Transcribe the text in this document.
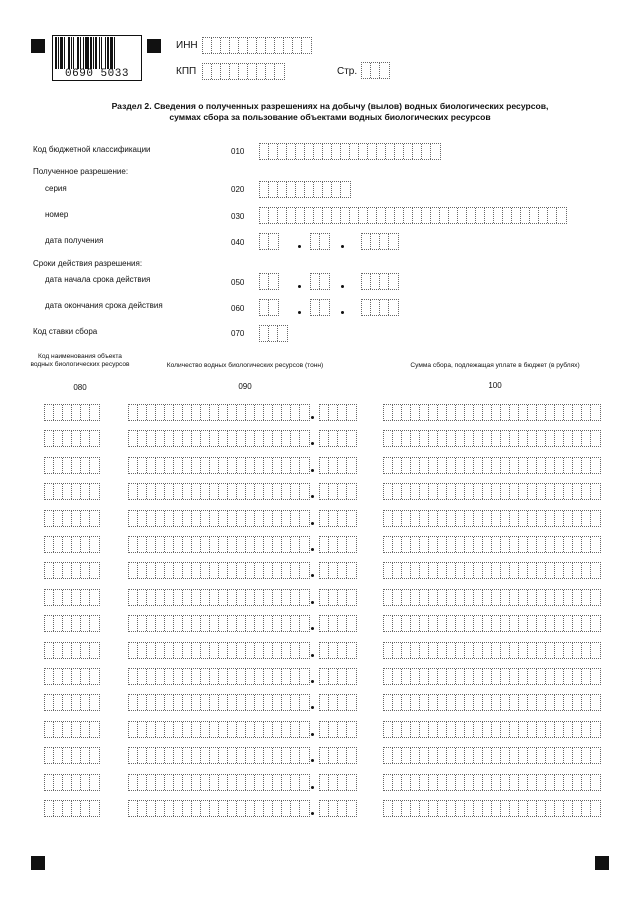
0690 5033
ИНН
КПП	Стр.
Раздел 2. Сведения о полученных разрешениях на добычу (вылов) водных биологических ресурсов,
суммах сбора за пользование объектами водных биологических ресурсов
Код бюджетной классификации	010
Полученное разрешение:
серия	020
номер	030
дата получения	040
Сроки действия разрешения:
дата начала срока действия	050
дата окончания срока действия	060
Код ставки сбора	070
Код наименования объекта водных биологических ресурсов
080
Количество водных биологических ресурсов (тонн)
090
Сумма сбора, подлежащая уплате в бюджет (в рублях)
100
